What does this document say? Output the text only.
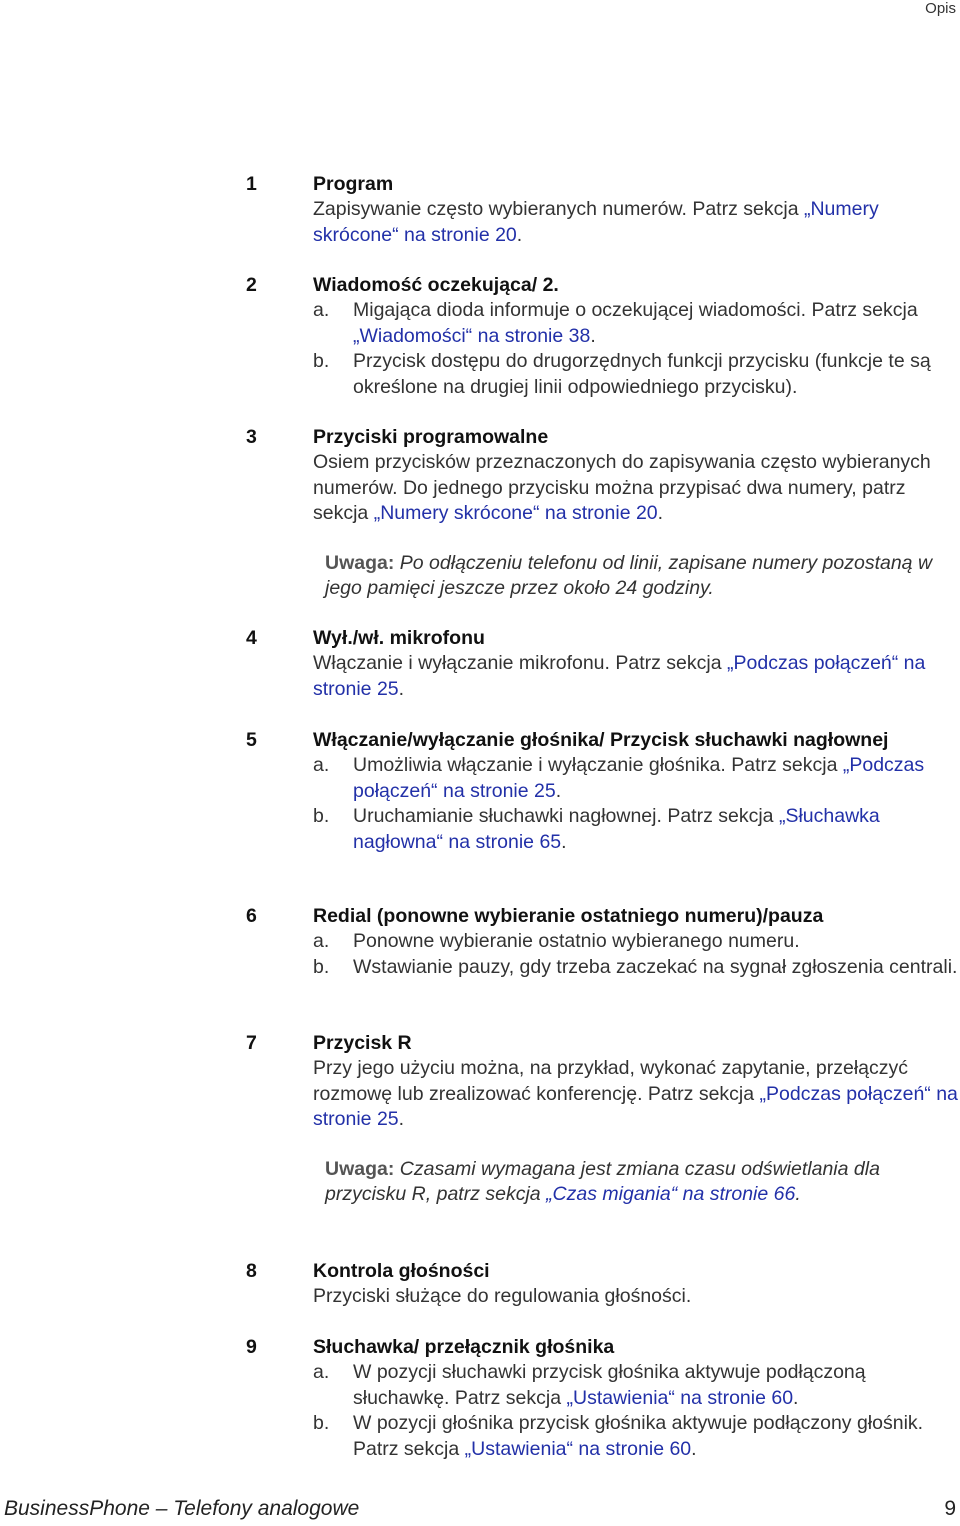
Opis
1	Program

Zapisywanie często wybieranych numerów. Patrz sekcja „Numery skrócone“ na stronie 20.

2	Wiadomość oczekująca/ 2.

a. Migająca dioda informuje o oczekującej wiadomości. Patrz sekcja „Wiadomości“ na stronie 38.
b. Przycisk dostępu do drugorzędnych funkcji przycisku (funkcje te są określone na drugiej linii odpowiedniego przycisku).
3	Przyciski programowalne

Osiem przycisków przeznaczonych do zapisywania często wybieranych numerów. Do jednego przycisku można przypisać dwa numery, patrz sekcja „Numery skrócone“ na stronie 20.

Uwaga: Po odłączeniu telefonu od linii, zapisane numery pozostaną w jego pamięci jeszcze przez około 24 godziny.

4	Wył./wł. mikrofonu

Włączanie i wyłączanie mikrofonu. Patrz sekcja „Podczas połączeń“ na stronie 25.

5	Włączanie/wyłączanie głośnika/ Przycisk słuchawki nagłownej

a. Umożliwia włączanie i wyłączanie głośnika. Patrz sekcja „Podczas połączeń“ na stronie 25.
b. Uruchamianie słuchawki nagłownej. Patrz sekcja „Słuchawka nagłowna“ na stronie 65.
6	Redial (ponowne wybieranie ostatniego numeru)/pauza

a. Ponowne wybieranie ostatnio wybieranego numeru.
b. Wstawianie pauzy, gdy trzeba zaczekać na sygnał zgłoszenia centrali.
7	Przycisk R

Przy jego użyciu można, na przykład, wykonać zapytanie, przełączyć rozmowę lub zrealizować konferencję. Patrz sekcja „Podczas połączeń“ na stronie 25.

Uwaga: Czasami wymagana jest zmiana czasu odświetlania dla przycisku R, patrz sekcja „Czas migania“ na stronie 66.

8	Kontrola głośności

Przyciski służące do regulowania głośności.

9	Słuchawka/ przełącznik głośnika

a. W pozycji słuchawki przycisk głośnika aktywuje podłączoną słuchawkę. Patrz sekcja „Ustawienia“ na stronie 60.
b. W pozycji głośnika przycisk głośnika aktywuje podłączony głośnik. Patrz sekcja „Ustawienia“ na stronie 60.
BusinessPhone – Telefony analogowe	9
